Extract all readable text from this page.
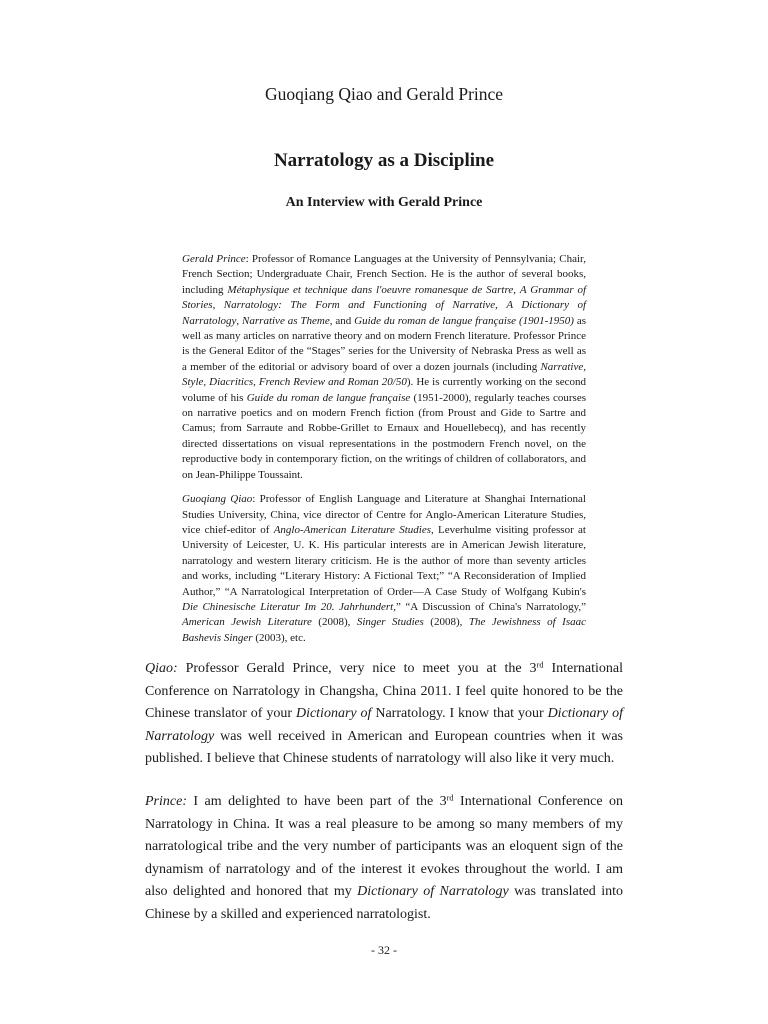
Guoqiang Qiao and Gerald Prince
Narratology as a Discipline
An Interview with Gerald Prince

Gerald Prince: Professor of Romance Languages at the University of Pennsylvania; Chair, French Section; Undergraduate Chair, French Section. He is the author of several books, including Métaphysique et technique dans l'oeuvre romanesque de Sartre, A Grammar of Stories, Narratology: The Form and Functioning of Narrative, A Dictionary of Narratology, Narrative as Theme, and Guide du roman de langue française (1901-1950) as well as many articles on narrative theory and on modern French literature. Professor Prince is the General Editor of the “Stages” series for the University of Nebraska Press as well as a member of the editorial or advisory board of over a dozen journals (including Narrative, Style, Diacritics, French Review and Roman 20/50). He is currently working on the second volume of his Guide du roman de langue française (1951-2000), regularly teaches courses on narrative poetics and on modern French fiction (from Proust and Gide to Sartre and Camus; from Sarraute and Robbe-Grillet to Ernaux and Houellebecq), and has recently directed dissertations on visual representations in the postmodern French novel, on the reproductive body in contemporary fiction, on the writings of children of collaborators, and on Jean-Philippe Toussaint.

Guoqiang Qiao: Professor of English Language and Literature at Shanghai International Studies University, China, vice director of Centre for Anglo-American Literature Studies, vice chief-editor of Anglo-American Literature Studies, Leverhulme visiting professor at University of Leicester, U. K. His particular interests are in American Jewish literature, narratology and western literary criticism. He is the author of more than seventy articles and works, including “Literary History: A Fictional Text;” “A Reconsideration of Implied Author,” “A Narratological Interpretation of Order—A Case Study of Wolfgang Kubin's Die Chinesische Literatur Im 20. Jahrhundert,” “A Discussion of China's Narratology,” American Jewish Literature (2008), Singer Studies (2008), The Jewishness of Isaac Bashevis Singer (2003), etc.

Qiao: Professor Gerald Prince, very nice to meet you at the 3rd International Conference on Narratology in Changsha, China 2011. I feel quite honored to be the Chinese translator of your Dictionary of Narratology. I know that your Dictionary of Narratology was well received in American and European countries when it was published. I believe that Chinese students of narratology will also like it very much.

Prince: I am delighted to have been part of the 3rd International Conference on Narratology in China. It was a real pleasure to be among so many members of my narratological tribe and the very number of participants was an eloquent sign of the dynamism of narratology and of the interest it evokes throughout the world. I am also delighted and honored that my Dictionary of Narratology was translated into Chinese by a skilled and experienced narratologist.

- 32 -
